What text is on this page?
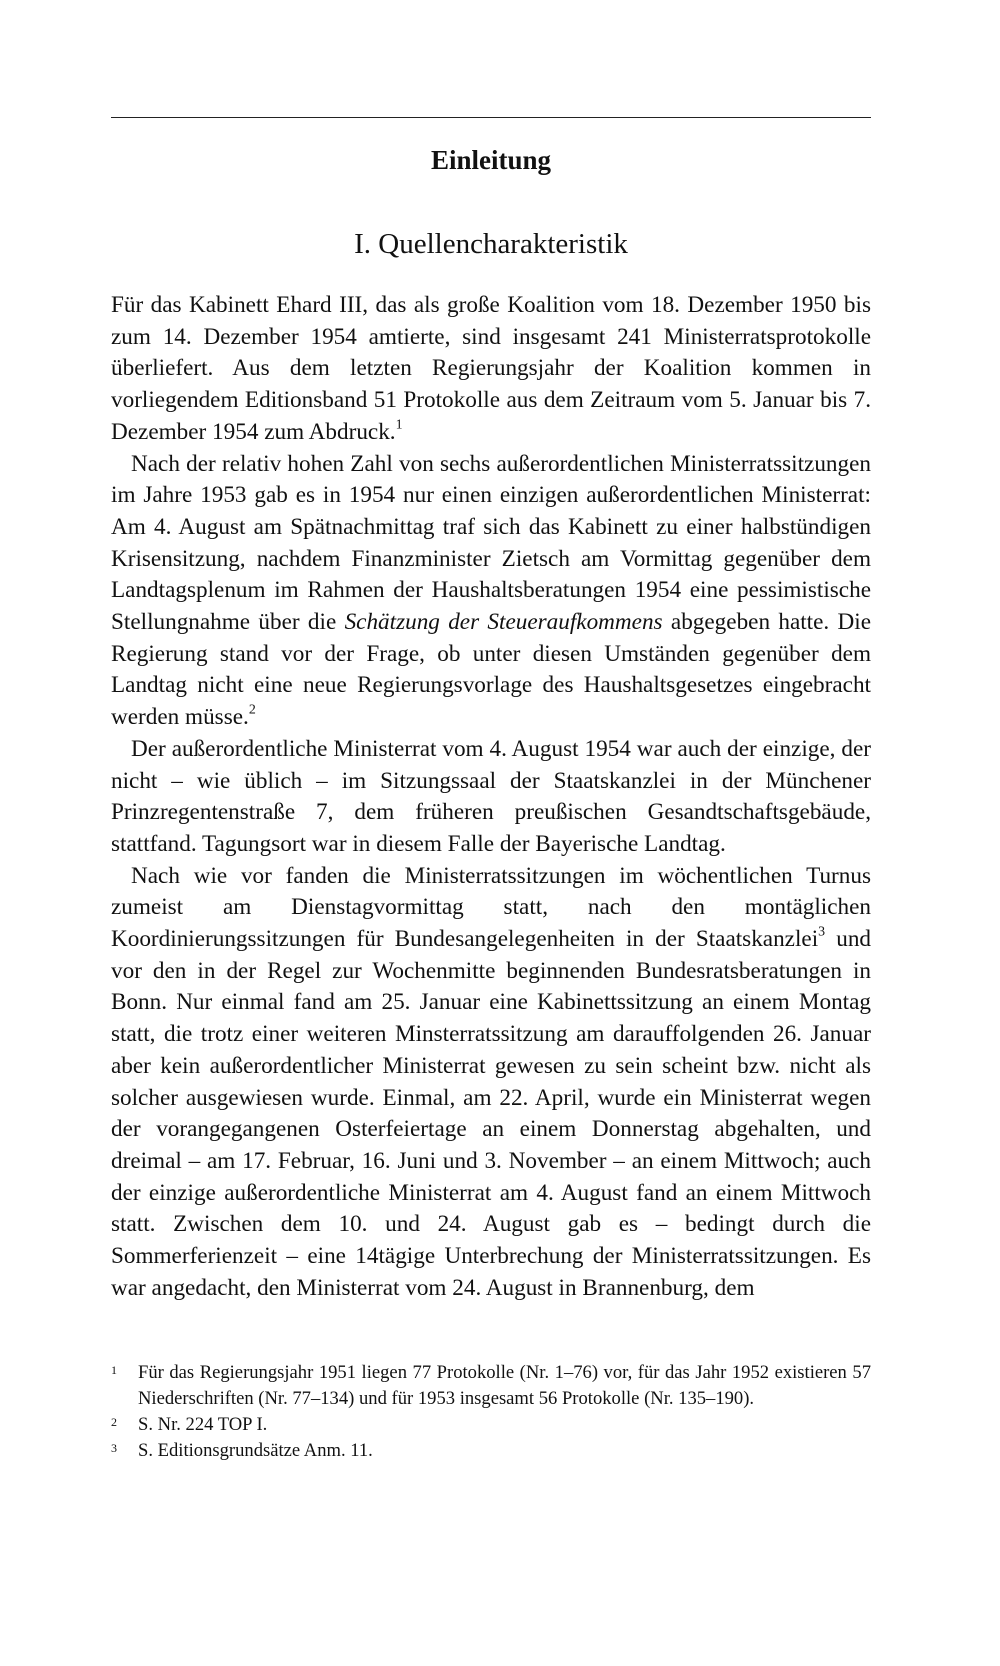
Einleitung
I. Quellencharakteristik

Für das Kabinett Ehard III, das als große Koalition vom 18. Dezember 1950 bis zum 14. Dezember 1954 amtierte, sind insgesamt 241 Ministerratsprotokolle überliefert. Aus dem letzten Regierungsjahr der Koalition kommen in vorliegendem Editionsband 51 Protokolle aus dem Zeitraum vom 5. Januar bis 7. Dezember 1954 zum Abdruck.$^1$

Nach der relativ hohen Zahl von sechs außerordentlichen Ministerratssitzungen im Jahre 1953 gab es in 1954 nur einen einzigen außerordentlichen Ministerrat: Am 4. August am Spätnachmittag traf sich das Kabinett zu einer halbstündigen Krisensitzung, nachdem Finanzminister Zietsch am Vormittag gegenüber dem Landtagsplenum im Rahmen der Haushaltsberatungen 1954 eine pessimistische Stellungnahme über die Schätzung der Steueraufkommens abgegeben hatte. Die Regierung stand vor der Frage, ob unter diesen Umständen gegenüber dem Landtag nicht eine neue Regierungsvorlage des Haushaltsgesetzes eingebracht werden müsse.$^2$

Der außerordentliche Ministerrat vom 4. August 1954 war auch der einzige, der nicht – wie üblich – im Sitzungssaal der Staatskanzlei in der Münchener Prinzregentenstraße 7, dem früheren preußischen Gesandtschaftsgebäude, stattfand. Tagungsort war in diesem Falle der Bayerische Landtag.

Nach wie vor fanden die Ministerratssitzungen im wöchentlichen Turnus zumeist am Dienstagvormittag statt, nach den montäglichen Koordinierungssitzungen für Bundesangelegenheiten in der Staatskanzlei$^3$ und vor den in der Regel zur Wochenmitte beginnenden Bundesratsberatungen in Bonn. Nur einmal fand am 25. Januar eine Kabinettssitzung an einem Montag statt, die trotz einer weiteren Minsterratssitzung am darauffolgenden 26. Januar aber kein außerordentlicher Ministerrat gewesen zu sein scheint bzw. nicht als solcher ausgewiesen wurde. Einmal, am 22. April, wurde ein Ministerrat wegen der vorangegangenen Osterfeiertage an einem Donnerstag abgehalten, und dreimal – am 17. Februar, 16. Juni und 3. November – an einem Mittwoch; auch der einzige außerordentliche Ministerrat am 4. August fand an einem Mittwoch statt. Zwischen dem 10. und 24. August gab es – bedingt durch die Sommerferienzeit – eine 14tägige Unterbrechung der Ministerratssitzungen. Es war angedacht, den Ministerrat vom 24. August in Brannenburg, dem

1 Für das Regierungsjahr 1951 liegen 77 Protokolle (Nr. 1–76) vor, für das Jahr 1952 existieren 57 Niederschriften (Nr. 77–134) und für 1953 insgesamt 56 Protokolle (Nr. 135–190).

2 S. Nr. 224 TOP I.

3 S. Editionsgrundsätze Anm. 11.
